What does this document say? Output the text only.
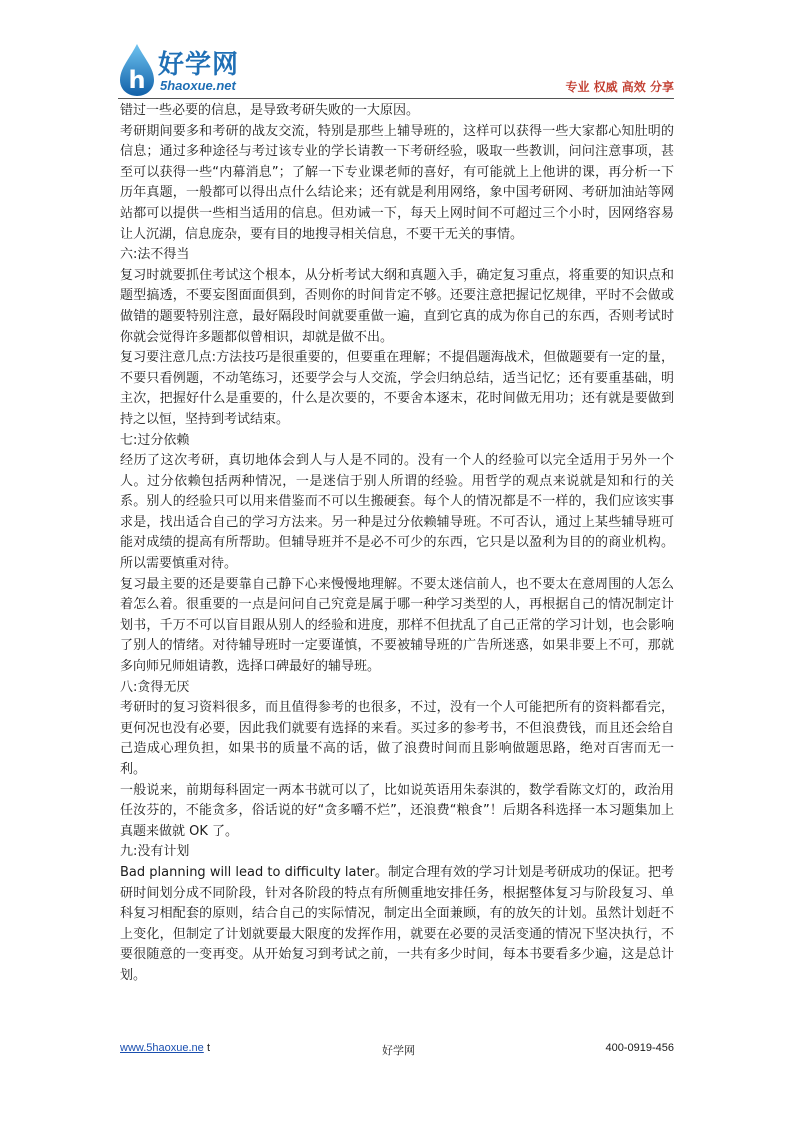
h 好学网
5haoxue.net	专业 权威 高效 分享

错过一些必要的信息，是导致考研失败的一大原因。

考研期间要多和考研的战友交流，特别是那些上辅导班的，这样可以获得一些大家都心知肚明的信息；通过多种途径与考过该专业的学长请教一下考研经验，吸取一些教训，问问注意事项，甚至可以获得一些“内幕消息”；了解一下专业课老师的喜好，有可能就上上他讲的课，再分析一下历年真题，一般都可以得出点什么结论来；还有就是利用网络，象中国考研网、考研加油站等网站都可以提供一些相当适用的信息。但劝诫一下，每天上网时间不可超过三个小时，因网络容易让人沉湖，信息庞杂，要有目的地搜寻相关信息，不要干无关的事情。

六:法不得当

复习时就要抓住考试这个根本，从分析考试大纲和真题入手，确定复习重点，将重要的知识点和题型搞透，不要妄图面面俱到，否则你的时间肯定不够。还要注意把握记忆规律，平时不会做或做错的题要特别注意，最好隔段时间就要重做一遍，直到它真的成为你自己的东西，否则考试时你就会觉得许多题都似曾相识，却就是做不出。

复习要注意几点:方法技巧是很重要的，但要重在理解；不提倡题海战术，但做题要有一定的量，不要只看例题，不动笔练习，还要学会与人交流，学会归纳总结，适当记忆；还有要重基础，明主次，把握好什么是重要的，什么是次要的，不要舍本逐末，花时间做无用功；还有就是要做到持之以恒，坚持到考试结束。

七:过分依赖

经历了这次考研，真切地体会到人与人是不同的。没有一个人的经验可以完全适用于另外一个人。过分依赖包括两种情况，一是迷信于别人所谓的经验。用哲学的观点来说就是知和行的关系。别人的经验只可以用来借鉴而不可以生搬硬套。每个人的情况都是不一样的，我们应该实事求是，找出适合自己的学习方法来。另一种是过分依赖辅导班。不可否认，通过上某些辅导班可能对成绩的提高有所帮助。但辅导班并不是必不可少的东西，它只是以盈利为目的的商业机构。所以需要慎重对待。

复习最主要的还是要靠自己静下心来慢慢地理解。不要太迷信前人，也不要太在意周围的人怎么着怎么着。很重要的一点是问问自己究竟是属于哪一种学习类型的人，再根据自己的情况制定计划书，千万不可以盲目跟从别人的经验和进度，那样不但扰乱了自己正常的学习计划，也会影响了别人的情绪。对待辅导班时一定要谨慎，不要被辅导班的广告所迷惑，如果非要上不可，那就多向师兄师姐请教，选择口碑最好的辅导班。

八:贪得无厌

考研时的复习资料很多，而且值得参考的也很多，不过，没有一个人可能把所有的资料都看完，更何况也没有必要，因此我们就要有选择的来看。买过多的参考书，不但浪费钱，而且还会给自己造成心理负担，如果书的质量不高的话，做了浪费时间而且影响做题思路，绝对百害而无一利。

一般说来，前期每科固定一两本书就可以了，比如说英语用朱泰淇的，数学看陈文灯的，政治用任汝芬的，不能贪多，俗话说的好“贪多嚼不烂”，还浪费“粮食”！后期各科选择一本习题集加上真题来做就 OK 了。

九:没有计划

Bad planning will lead to difficulty later。制定合理有效的学习计划是考研成功的保证。把考研时间划分成不同阶段，针对各阶段的特点有所侧重地安排任务，根据整体复习与阶段复习、单科复习相配套的原则，结合自己的实际情况，制定出全面兼顾，有的放矢的计划。虽然计划赶不上变化，但制定了计划就要最大限度的发挥作用，就要在必要的灵活变通的情况下坚决执行，不要很随意的一变再变。从开始复习到考试之前，一共有多少时间，每本书要看多少遍，这是总计划。

www.5haoxue.ne t	好学网	400-0919-456
